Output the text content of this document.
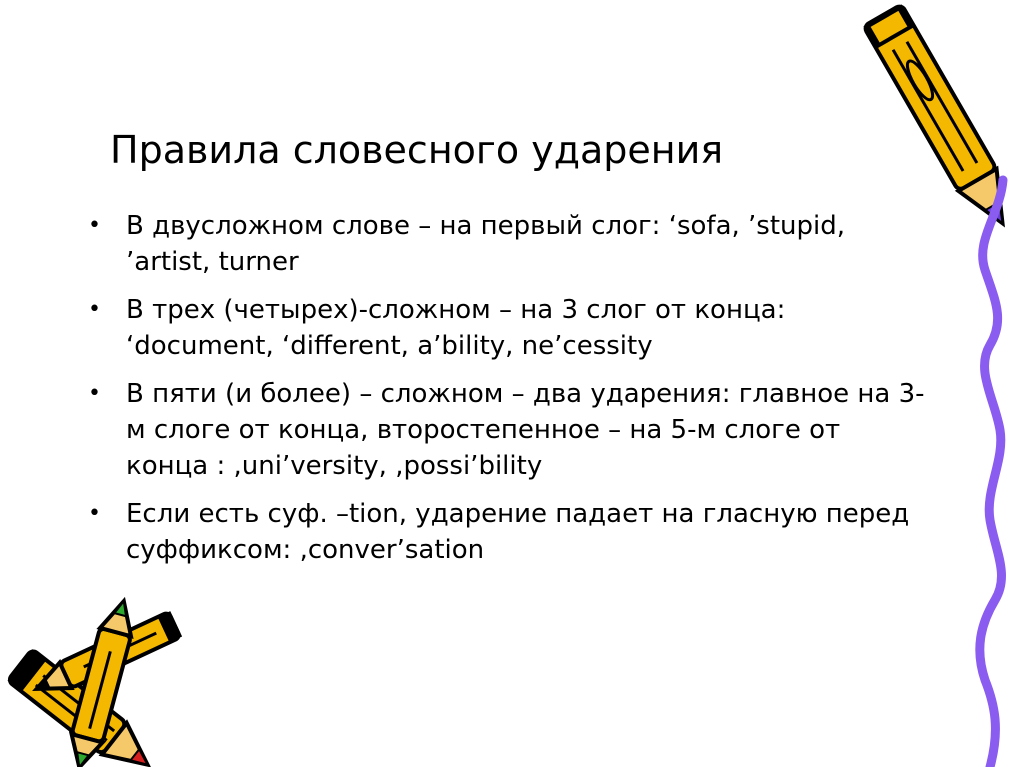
Правила словесного ударения
• В двусложном слове – на первый слог: ‘sofa, ’stupid, ’artist, turner
• В трех (четырех)-сложном – на 3 слог от конца: ‘document, ‘different, a’bility, ne’cessity
• В пяти (и более) – сложном – два ударения: главное на 3-м слоге от конца, второстепенное – на 5-м слоге от конца : ,uni’versity, ,possi’bility
• Если есть суф. –tion, ударение падает на гласную перед суффиксом: ,conver’sation
